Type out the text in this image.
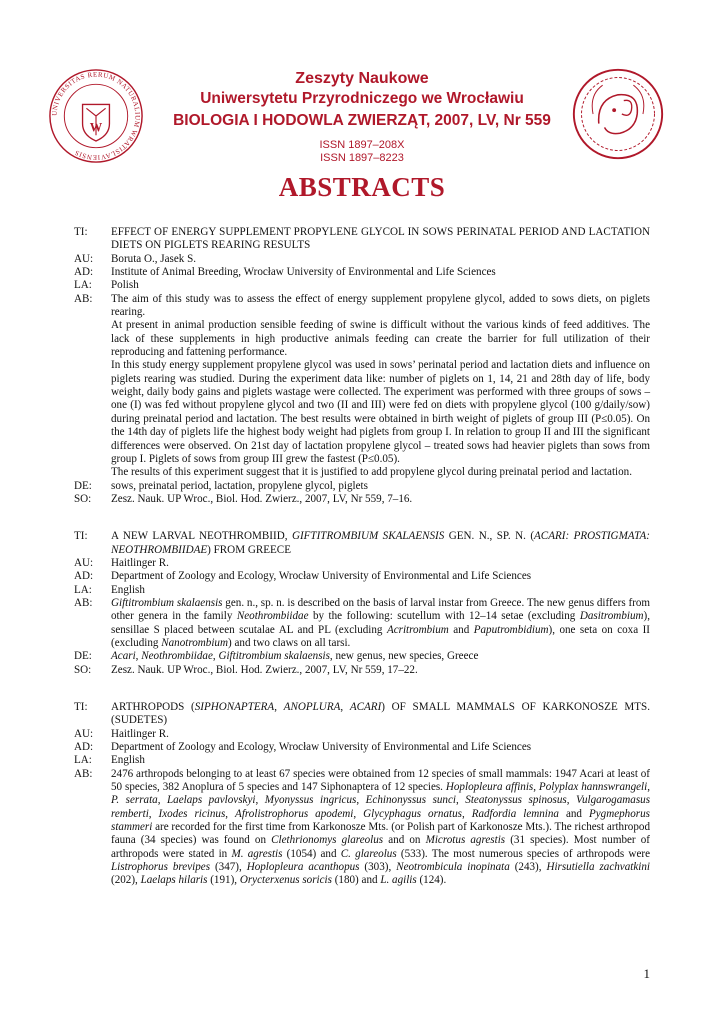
UNIVERSITAS RERUM NATURALIUM WRATISLAVIENSIS
W
Zeszyty Naukowe
Uniwersytetu Przyrodniczego we Wrocławiu
BIOLOGIA I HODOWLA ZWIERZĄT, 2007, LV, Nr 559
ISSN 1897–208X
ISSN 1897–8223
ABSTRACTS
TI:	EFFECT OF ENERGY SUPPLEMENT PROPYLENE GLYCOL IN SOWS PERINATAL PERIOD AND LACTATION DIETS ON PIGLETS REARING RESULTS
AU:	Boruta O., Jasek S.
AD:	Institute of Animal Breeding, Wrocław University of Environmental and Life Sciences
LA:	Polish
AB:	The aim of this study was to assess the effect of energy supplement propylene glycol, added to sows diets, on piglets rearing.
At present in animal production sensible feeding of swine is difficult without the various kinds of feed additives. The lack of these supplements in high productive animals feeding can create the barrier for full utilization of their reproducing and fattening performance.
In this study energy supplement propylene glycol was used in sows’ perinatal period and lactation diets and influence on piglets rearing was studied. During the experiment data like: number of piglets on 1, 14, 21 and 28th day of life, body weight, daily body gains and piglets wastage were collected. The experiment was performed with three groups of sows – one (I) was fed without propylene glycol and two (II and III) were fed on diets with propylene glycol (100 g/daily/sow) during preinatal period and lactation. The best results were obtained in birth weight of piglets of group III (P≤0.05). On the 14th day of piglets life the highest body weight had piglets from group I. In relation to group II and III the significant differences were observed. On 21st day of lactation propylene glycol – treated sows had heavier piglets than sows from group I. Piglets of sows from group III grew the fastest (P≤0.05).
The results of this experiment suggest that it is justified to add propylene glycol during preinatal period and lactation.
DE:	sows, preinatal period, lactation, propylene glycol, piglets
SO:	Zesz. Nauk. UP Wroc., Biol. Hod. Zwierz., 2007, LV, Nr 559, 7–16.
TI:	A NEW LARVAL NEOTHROMBIID, GIFTITROMBIUM SKALAENSIS GEN. N., SP. N. (ACARI: PROSTIGMATA: NEOTHROMBIIDAE) FROM GREECE
AU:	Haitlinger R.
AD:	Department of Zoology and Ecology, Wrocław University of Environmental and Life Sciences
LA:	English
AB:	Giftitrombium skalaensis gen. n., sp. n. is described on the basis of larval instar from Greece. The new genus differs from other genera in the family Neothrombiidae by the following: scutellum with 12–14 setae (excluding Dasitrombium), sensillae S placed between scutalae AL and PL (excluding Acritrombium and Paputrombidium), one seta on coxa II (excluding Nanotrombium) and two claws on all tarsi.
DE:	Acari, Neothrombiidae, Giftitrombium skalaensis, new genus, new species, Greece
SO:	Zesz. Nauk. UP Wroc., Biol. Hod. Zwierz., 2007, LV, Nr 559, 17–22.
TI:	ARTHROPODS (SIPHONAPTERA, ANOPLURA, ACARI) OF SMALL MAMMALS OF KARKONOSZE MTS. (SUDETES)
AU:	Haitlinger R.
AD:	Department of Zoology and Ecology, Wrocław University of Environmental and Life Sciences
LA:	English
AB:	2476 arthropods belonging to at least 67 species were obtained from 12 species of small mammals: 1947 Acari at least of 50 species, 382 Anoplura of 5 species and 147 Siphonaptera of 12 species. Hoplopleura affinis, Polyplax hannswrangeli, P. serrata, Laelaps pavlovskyi, Myonyssus ingricus, Echinonyssus sunci, Steatonyssus spinosus, Vulgarogamasus remberti, Ixodes ricinus, Afrolistrophorus apodemi, Glycyphagus ornatus, Radfordia lemnina and Pygmephorus stammeri are recorded for the first time from Karkonosze Mts. (or Polish part of Karkonosze Mts.). The richest arthropod fauna (34 species) was found on Clethrionomys glareolus and on Microtus agrestis (31 species). Most number of arthropods were stated in M. agrestis (1054) and C. glareolus (533). The most numerous species of arthropods were Listrophorus brevipes (347), Hoplopleura acanthopus (303), Neotrombicula inopinata (243), Hirsutiella zachvatkini (202), Laelaps hilaris (191), Orycterxenus soricis (180) and L. agilis (124).
1
